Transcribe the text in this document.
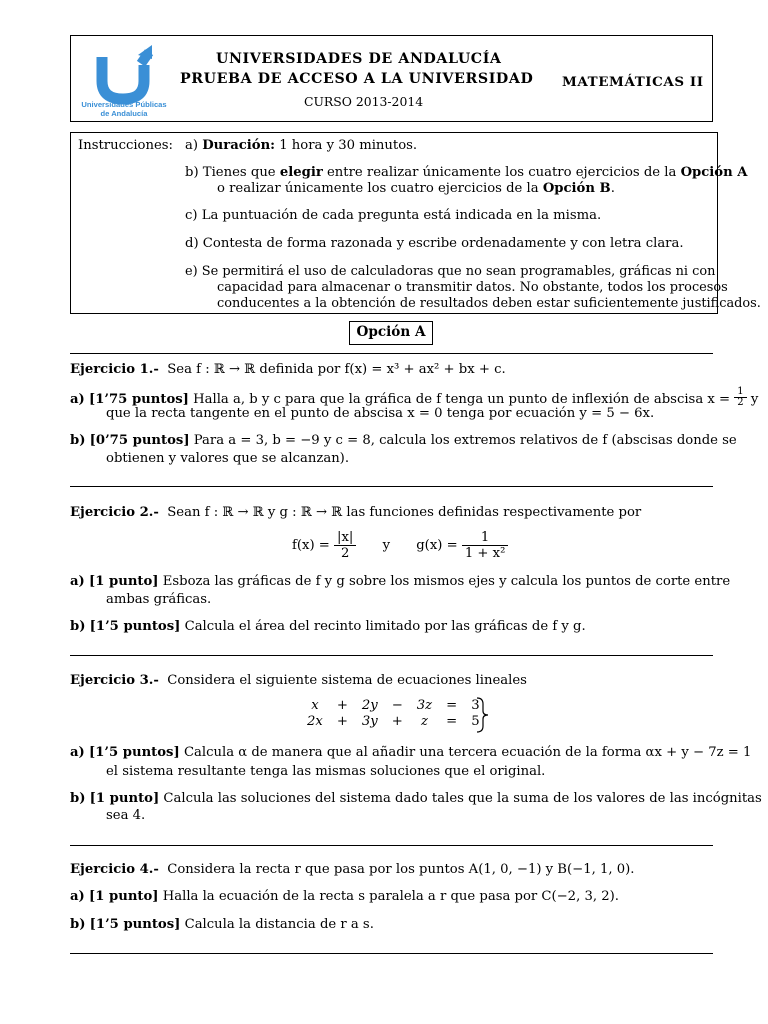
Universidades Públicas
de Andalucía
UNIVERSIDADES DE ANDALUCÍA
PRUEBA DE ACCESO A LA UNIVERSIDAD
CURSO 2013-2014
MATEMÁTICAS II
Instrucciones: a) Duración: 1 hora y 30 minutos.
b) Tienes que elegir entre realizar únicamente los cuatro ejercicios de la Opción A
o realizar únicamente los cuatro ejercicios de la Opción B.
c) La puntuación de cada pregunta está indicada en la misma.
d) Contesta de forma razonada y escribe ordenadamente y con letra clara.
e) Se permitirá el uso de calculadoras que no sean programables, gráficas ni con
capacidad para almacenar o transmitir datos. No obstante, todos los procesos
conducentes a la obtención de resultados deben estar suficientemente justificados.
Opción A
Ejercicio 1.- Sea f : ℝ → ℝ definida por f(x) = x³ + ax² + bx + c.
a) [1’75 puntos] Halla a, b y c para que la gráfica de f tenga un punto de inflexión de abscisa $x = \frac{1}{2}$ y
que la recta tangente en el punto de abscisa x = 0 tenga por ecuación y = 5 − 6x.
b) [0’75 puntos] Para a = 3, b = −9 y c = 8, calcula los extremos relativos de f (abscisas donde se
obtienen y valores que se alcanzan).
Ejercicio 2.- Sean f : ℝ → ℝ y g : ℝ → ℝ las funciones definidas respectivamente por
$f(x) = \frac{|x|}{2}$ y $g(x) = \frac{1}{\text{1 + x²}}$
a) [1 punto] Esboza las gráficas de f y g sobre los mismos ejes y calcula los puntos de corte entre
ambas gráficas.
b) [1’5 puntos] Calcula el área del recinto limitado por las gráficas de f y g.
Ejercicio 3.- Considera el siguiente sistema de ecuaciones lineales
x	+	2y	−	3z	=	3
2x	+	3y	+	z	=	5
a) [1’5 puntos] Calcula α de manera que al añadir una tercera ecuación de la forma αx + y − 7z = 1
el sistema resultante tenga las mismas soluciones que el original.
b) [1 punto] Calcula las soluciones del sistema dado tales que la suma de los valores de las incógnitas
sea 4.
Ejercicio 4.- Considera la recta r que pasa por los puntos A(1, 0, −1) y B(−1, 1, 0).
a) [1 punto] Halla la ecuación de la recta s paralela a r que pasa por C(−2, 3, 2).
b) [1’5 puntos] Calcula la distancia de r a s.
